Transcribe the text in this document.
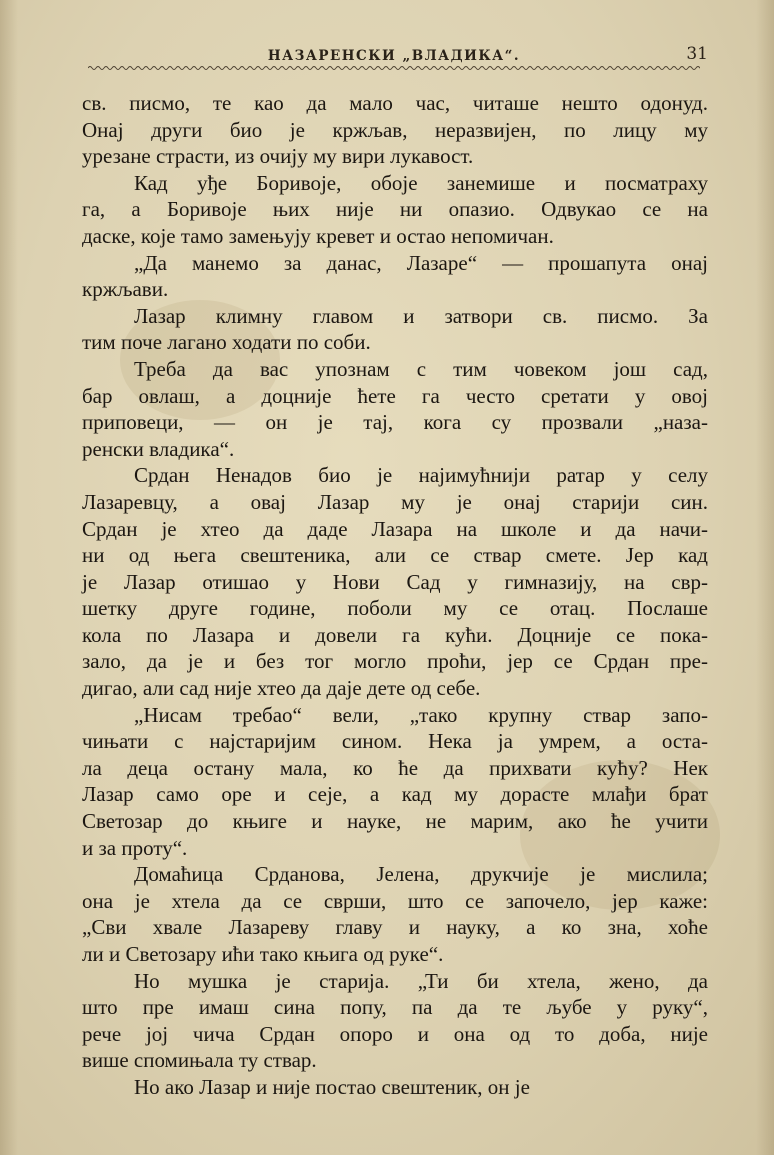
НАЗАРЕНСКИ „ВЛАДИКА“.	31
св. писмо, те као да мало час, читаше нешто одонуд.
Онај други био је кржљав, неразвијен, по лицу му
урезане страсти, из очију му вири лукавост.
Кад уђе Боривоје, обоје занемише и посматраху
га, а Боривоје њих није ни опазио. Одвукао се на
даске, које тамо замењују кревет и остао непомичан.
„Да манемо за данас, Лазаре“ — прошапута онај
кржљави.
Лазар климну главом и затвори св. писмо. За
тим поче лагано ходати по соби.
Треба да вас упознам с тим човеком још сад,
бар овлаш, а доцније ћете га често сретати у овој
приповеци, — он је тај, кога су прозвали „наза-
ренски владика“.
Срдан Ненадов био је најимућнији ратар у селу
Лазаревцу, а овај Лазар му је онај старији син.
Срдан је хтео да даде Лазара на школе и да начи-
ни од њега свештеника, али се ствар смете. Јер кад
је Лазар отишао у Нови Сад у гимназију, на свр-
шетку друге године, поболи му се отац. Послаше
кола по Лазара и довели га кући. Доцније се пока-
зало, да је и без тог могло проћи, јер се Срдан пре-
дигао, али сад није хтео да даје дете од себе.
„Нисам требао“ вели, „тако крупну ствар запо-
чињати с најстаријим сином. Нека ја умрем, а оста-
ла деца остану мала, ко ће да прихвати кућу? Нек
Лазар само оре и сеје, а кад му дорасте млађи брат
Светозар до књиге и науке, не марим, ако ће учити
и за проту“.
Домаћица Срданова, Јелена, друкчије је мислила;
она је хтела да се сврши, што се започело, јер каже:
„Сви хвале Лазареву главу и науку, а ко зна, хоће
ли и Светозару ићи тако књига од руке“.
Но мушка је старија. „Ти би хтела, жено, да
што пре имаш сина попу, па да те љубе у руку“,
рече јој чича Срдан опоро и она од то доба, није
више спомињала ту ствар.
Но ако Лазар и није постао свештеник, он је
